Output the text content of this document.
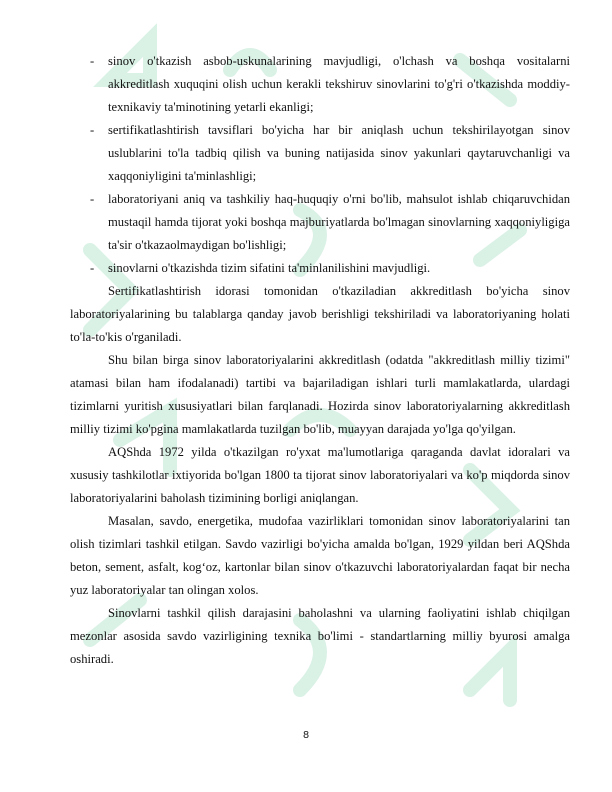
- sinov o'tkazish asbob-uskunalarining mavjudligi, o'lchash va boshqa vositalarni akkreditlash xuquqini olish uchun kerakli tekshiruv sinovlarini to'g'ri o'tkazishda moddiy-texnikaviy ta'minotining yetarli ekanligi;
- sertifikatlashtirish tavsiflari bo'yicha har bir aniqlash uchun tekshirilayotgan sinov uslublarini to'la tadbiq qilish va buning natijasida sinov yakunlari qaytaruvchanligi va xaqqoniyligini ta'minlashligi;
- laboratoriyani aniq va tashkiliy haq-huquqiy o'rni bo'lib, mahsulot ishlab chiqaruvchidan mustaqil hamda tijorat yoki boshqa majburiyatlarda bo'lmagan sinovlarning xaqqoniyligiga ta'sir o'tkazaolmaydigan bo'lishligi;
- sinovlarni o'tkazishda tizim sifatini ta'minlanilishini mavjudligi.

Sertifikatlashtirish idorasi tomonidan o'tkaziladian akkreditlash bo'yicha sinov laboratoriyalarining bu talablarga qanday javob berishligi tekshiriladi va laboratoriyaning holati to'la-to'kis o'rganiladi.

Shu bilan birga sinov laboratoriyalarini akkreditlash (odatda "akkreditlash milliy tizimi" atamasi bilan ham ifodalanadi) tartibi va bajariladigan ishlari turli mamlakatlarda, ulardagi tizimlarni yuritish xususiyatlari bilan farqlanadi. Hozirda sinov laboratoriyalarning akkreditlash milliy tizimi ko'pgina mamlakatlarda tuzilgan bo'lib, muayyan darajada yo'lga qo'yilgan.

AQShda 1972 yilda o'tkazilgan ro'yxat ma'lumotlariga qaraganda davlat idoralari va xususiy tashkilotlar ixtiyorida bo'lgan 1800 ta tijorat sinov laboratoriyalari va ko'p miqdorda sinov laboratoriyalarini baholash tizimining borligi aniqlangan.

Masalan, savdo, energetika, mudofaa vazirliklari tomonidan sinov laboratoriyalarini tan olish tizimlari tashkil etilgan. Savdo vazirligi bo'yicha amalda bo'lgan, 1929 yildan beri AQShda beton, sement, asfalt, kog‘oz, kartonlar bilan sinov o'tkazuvchi laboratoriyalardan faqat bir necha yuz laboratoriyalar tan olingan xolos.

Sinovlarni tashkil qilish darajasini baholashni va ularning faoliyatini ishlab chiqilgan mezonlar asosida savdo vazirligining texnika bo'limi - standartlarning milliy byurosi amalga oshiradi.

8
